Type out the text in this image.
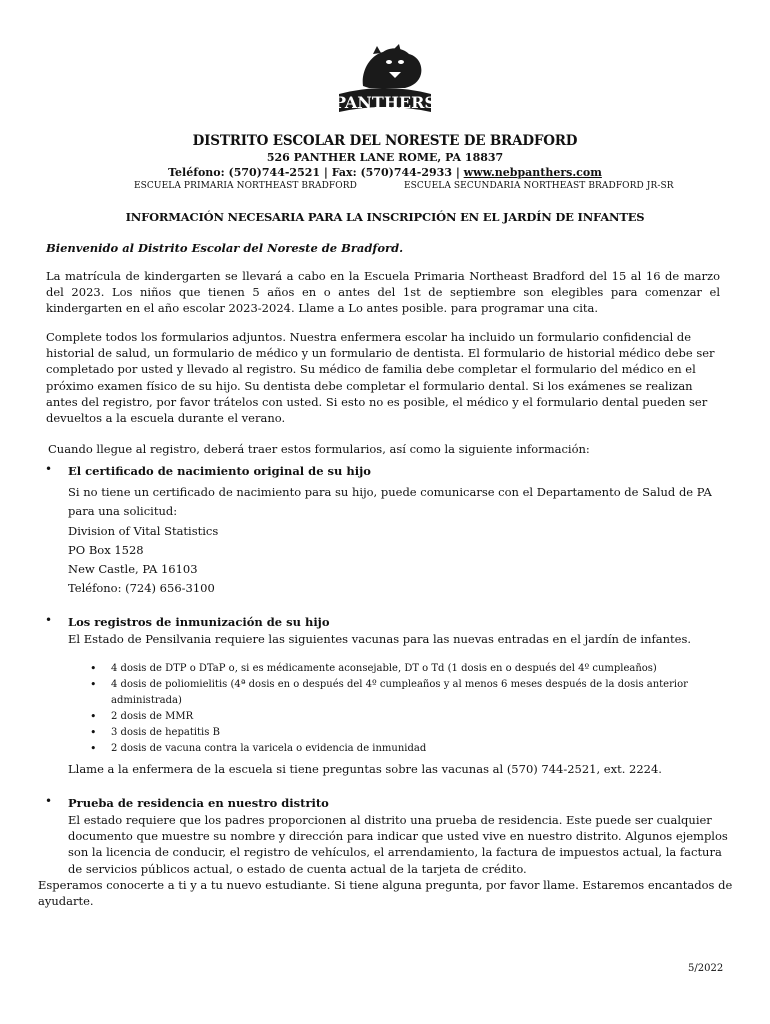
PANTHERS
DISTRITO ESCOLAR DEL NORESTE DE BRADFORD
526 PANTHER LANE ROME, PA 18837
Teléfono: (570)744-2521 | Fax: (570)744-2933 | www.nebpanthers.com
ESCUELA PRIMARIA NORTHEAST BRADFORD	ESCUELA SECUNDARIA NORTHEAST BRADFORD JR-SR
INFORMACIÓN NECESARIA PARA LA INSCRIPCIÓN EN EL JARDÍN DE INFANTES

Bienvenido al Distrito Escolar del Noreste de Bradford.

La matrícula de kindergarten se llevará a cabo en la Escuela Primaria Northeast Bradford del 15 al 16 de marzo del 2023. Los niños que tienen 5 años en o antes del 1st de septiembre son elegibles para comenzar el kindergarten en el año escolar 2023-2024. Llame a Lo antes posible. para programar una cita.

Complete todos los formularios adjuntos. Nuestra enfermera escolar ha incluido un formulario confidencial de historial de salud, un formulario de médico y un formulario de dentista. El formulario de historial médico debe ser completado por usted y llevado al registro. Su médico de familia debe completar el formulario del médico en el próximo examen físico de su hijo. Su dentista debe completar el formulario dental. Si los exámenes se realizan antes del registro, por favor trátelos con usted. Si esto no es posible, el médico y el formulario dental pueden ser devueltos a la escuela durante el verano.

Cuando llegue al registro, deberá traer estos formularios, así como la siguiente información:

• El certificado de nacimiento original de su hijo
Si no tiene un certificado de nacimiento para su hijo, puede comunicarse con el Departamento de Salud de PA
para una solicitud:
Division of Vital Statistics
PO Box 1528
New Castle, PA 16103
Teléfono: (724) 656-3100
• Los registros de inmunización de su hijo
El Estado de Pensilvania requiere las siguientes vacunas para las nuevas entradas en el jardín de infantes.
• 4 dosis de DTP o DTaP o, si es médicamente aconsejable, DT o Td (1 dosis en o después del 4º cumpleaños)
• 4 dosis de poliomielitis (4ª dosis en o después del 4º cumpleaños y al menos 6 meses después de la dosis anterior administrada)
• 2 dosis de MMR
• 3 dosis de hepatitis B
• 2 dosis de vacuna contra la varicela o evidencia de inmunidad
Llame a la enfermera de la escuela si tiene preguntas sobre las vacunas al (570) 744-2521, ext. 2224.
• Prueba de residencia en nuestro distrito

El estado requiere que los padres proporcionen al distrito una prueba de residencia. Este puede ser cualquier documento que muestre su nombre y dirección para indicar que usted vive en nuestro distrito. Algunos ejemplos son la licencia de conducir, el registro de vehículos, el arrendamiento, la factura de impuestos actual, la factura de servicios públicos actual, o estado de cuenta actual de la tarjeta de crédito.

Esperamos conocerte a ti y a tu nuevo estudiante. Si tiene alguna pregunta, por favor llame. Estaremos encantados de ayudarte.

5/2022
